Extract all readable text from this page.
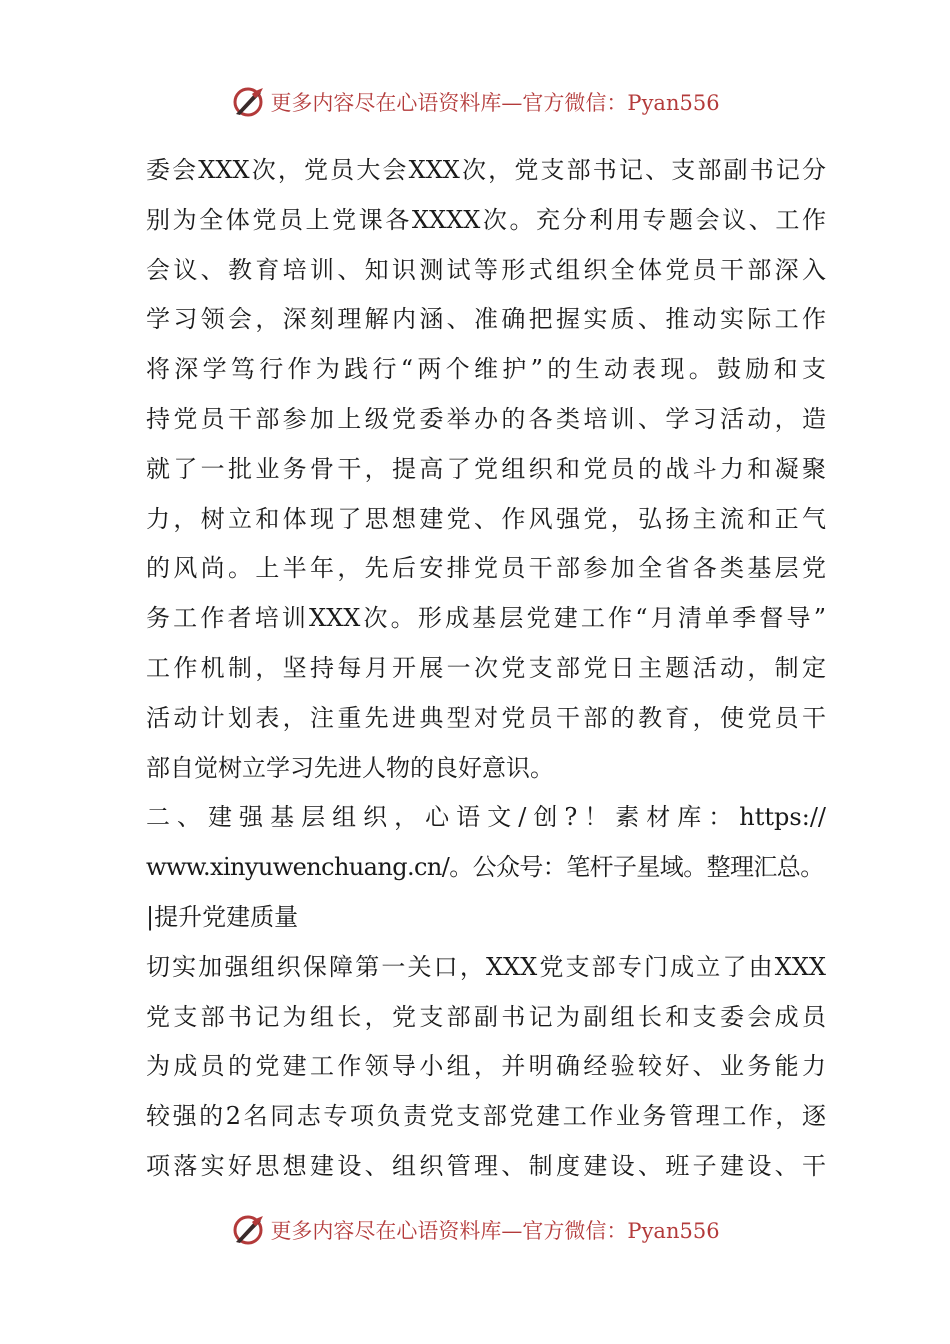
更多内容尽在心语资料库—官方微信：Pyan556
委会XXX次，党员大会XXX次，党支部书记、支部副书记分
别为全体党员上党课各XXXX次。充分利用专题会议、工作
会议、教育培训、知识测试等形式组织全体党员干部深入
学习领会，深刻理解内涵、准确把握实质、推动实际工作
将深学笃行作为践行“两个维护”的生动表现。鼓励和支
持党员干部参加上级党委举办的各类培训、学习活动，造
就了一批业务骨干，提高了党组织和党员的战斗力和凝聚
力，树立和体现了思想建党、作风强党，弘扬主流和正气
的风尚。上半年，先后安排党员干部参加全省各类基层党
务工作者培训XXX次。形成基层党建工作“月清单季督导”
工作机制，坚持每月开展一次党支部党日主题活动，制定
活动计划表，注重先进典型对党员干部的教育，使党员干
部自觉树立学习先进人物的良好意识。
二、建强基层组织，心语文/创?！素材库：https://
www.xinyuwenchuang.cn/。公众号：笔杆子星域。整理汇总。
|提升党建质量
切实加强组织保障第一关口，XXX党支部专门成立了由XXX
党支部书记为组长，党支部副书记为副组长和支委会成员
为成员的党建工作领导小组，并明确经验较好、业务能力
较强的2名同志专项负责党支部党建工作业务管理工作，逐
项落实好思想建设、组织管理、制度建设、班子建设、干
更多内容尽在心语资料库—官方微信：Pyan556
